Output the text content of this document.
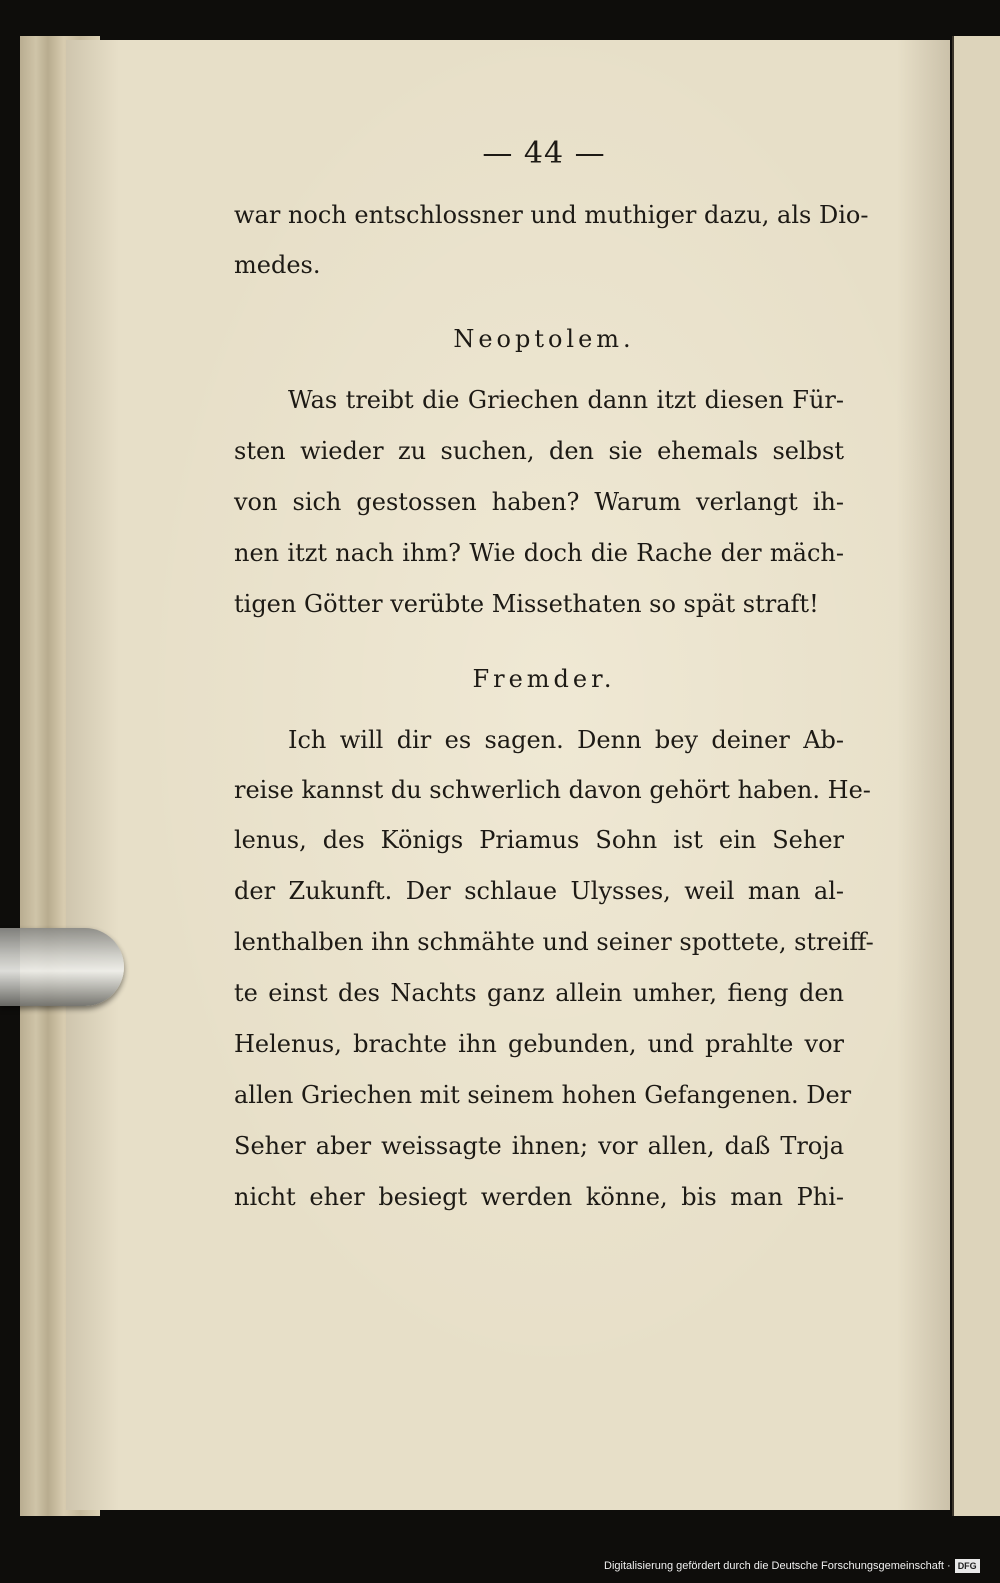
— 44 —
war noch entschlossner und muthiger dazu, als Dio-
medes.
Neoptolem.
Was treibt die Griechen dann itzt diesen Für-
sten wieder zu suchen, den sie ehemals selbst
von sich gestossen haben? Warum verlangt ih-
nen itzt nach ihm? Wie doch die Rache der mäch-
tigen Götter verübte Missethaten so spät straft!
Fremder.
Ich will dir es sagen. Denn bey deiner Ab-
reise kannst du schwerlich davon gehört haben. He-
lenus, des Königs Priamus Sohn ist ein Seher
der Zukunft. Der schlaue Ulysses, weil man al-
lenthalben ihn schmähte und seiner spottete, streiff-
te einst des Nachts ganz allein umher, fieng den
Helenus, brachte ihn gebunden, und prahlte vor
allen Griechen mit seinem hohen Gefangenen. Der
Seher aber weissagte ihnen; vor allen, daß Troja
nicht eher besiegt werden könne, bis man Phi-
Digitalisierung gefördert durch die Deutsche Forschungsgemeinschaft · DFG
